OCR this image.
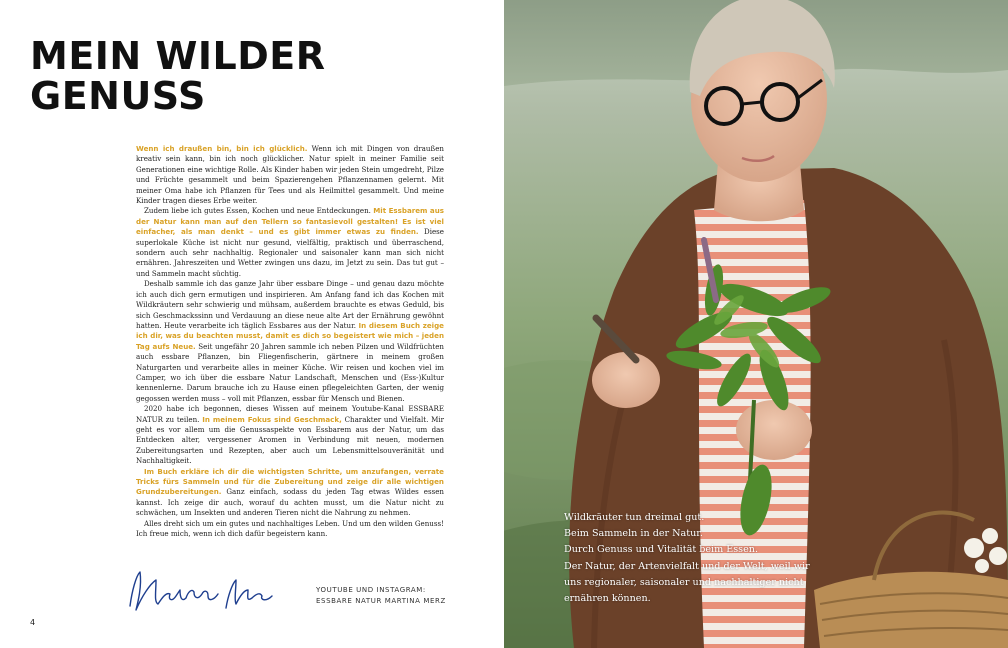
MEIN WILDER
GENUSS

Wenn ich draußen bin, bin ich glücklich. Wenn ich mit Dingen von draußen kreativ sein kann, bin ich noch glücklicher. Natur spielt in meiner Familie seit Generationen eine wichtige Rolle. Als Kinder haben wir jeden Stein umgedreht, Pilze und Früchte gesammelt und beim Spazierengehen Pflanzennamen gelernt. Mit meiner Oma habe ich Pflanzen für Tees und als Heilmittel gesammelt. Und meine Kinder tragen dieses Erbe weiter.

Zudem liebe ich gutes Essen, Kochen und neue Entdeckungen. Mit Essbarem aus der Natur kann man auf den Tellern so fantasievoll gestalten! Es ist viel einfacher, als man denkt – und es gibt immer etwas zu finden. Diese superlokale Küche ist nicht nur gesund, vielfältig, praktisch und überraschend, sondern auch sehr nachhaltig. Regionaler und saisonaler kann man sich nicht ernähren. Jahreszeiten und Wetter zwingen uns dazu, im Jetzt zu sein. Das tut gut – und Sammeln macht süchtig.

Deshalb sammle ich das ganze Jahr über essbare Dinge – und genau dazu möchte ich auch dich gern ermutigen und inspirieren. Am Anfang fand ich das Kochen mit Wildkräutern sehr schwierig und mühsam, außerdem brauchte es etwas Geduld, bis sich Geschmackssinn und Verdauung an diese neue alte Art der Ernährung gewöhnt hatten. Heute verarbeite ich täglich Essbares aus der Natur. In diesem Buch zeige ich dir, was du beachten musst, damit es dich so begeistert wie mich – jeden Tag aufs Neue. Seit ungefähr 20 Jahren sammle ich neben Pilzen und Wildfrüchten auch essbare Pflanzen, bin Fliegenfischerin, gärtnere in meinem großen Naturgarten und verarbeite alles in meiner Küche. Wir reisen und kochen viel im Camper, wo ich über die essbare Natur Landschaft, Menschen und (Ess-)Kultur kennenlerne. Darum brauche ich zu Hause einen pflegeleichten Garten, der wenig gegossen werden muss – voll mit Pflanzen, essbar für Mensch und Bienen.

2020 habe ich begonnen, dieses Wissen auf meinem Youtube-Kanal ESSBARE NATUR zu teilen. In meinem Fokus sind Geschmack, Charakter und Vielfalt. Mir geht es vor allem um die Genussaspekte von Essbarem aus der Natur, um das Entdecken alter, vergessener Aromen in Verbindung mit neuen, modernen Zubereitungsarten und Rezepten, aber auch um Lebensmittelsouveränität und Nachhaltigkeit.

Im Buch erkläre ich dir die wichtigsten Schritte, um anzufangen, verrate Tricks fürs Sammeln und für die Zubereitung und zeige dir alle wichtigen Grundzubereitungen. Ganz einfach, sodass du jeden Tag etwas Wildes essen kannst. Ich zeige dir auch, worauf du achten musst, um die Natur nicht zu schwächen, um Insekten und anderen Tieren nicht die Nahrung zu nehmen.

Alles dreht sich um ein gutes und nachhaltiges Leben. Und um den wilden Genuss! Ich freue mich, wenn ich dich dafür begeistern kann.

YOUTUBE UND INSTAGRAM:
ESSBARE NATUR MARTINA MERZ
4
Wildkräuter tun dreimal gut.
Beim Sammeln in der Natur.
Durch Genuss und Vitalität beim Essen.
Der Natur, der Artenvielfalt und der Welt, weil wir
uns regionaler, saisonaler und nachhaltiger nicht
ernähren können.
